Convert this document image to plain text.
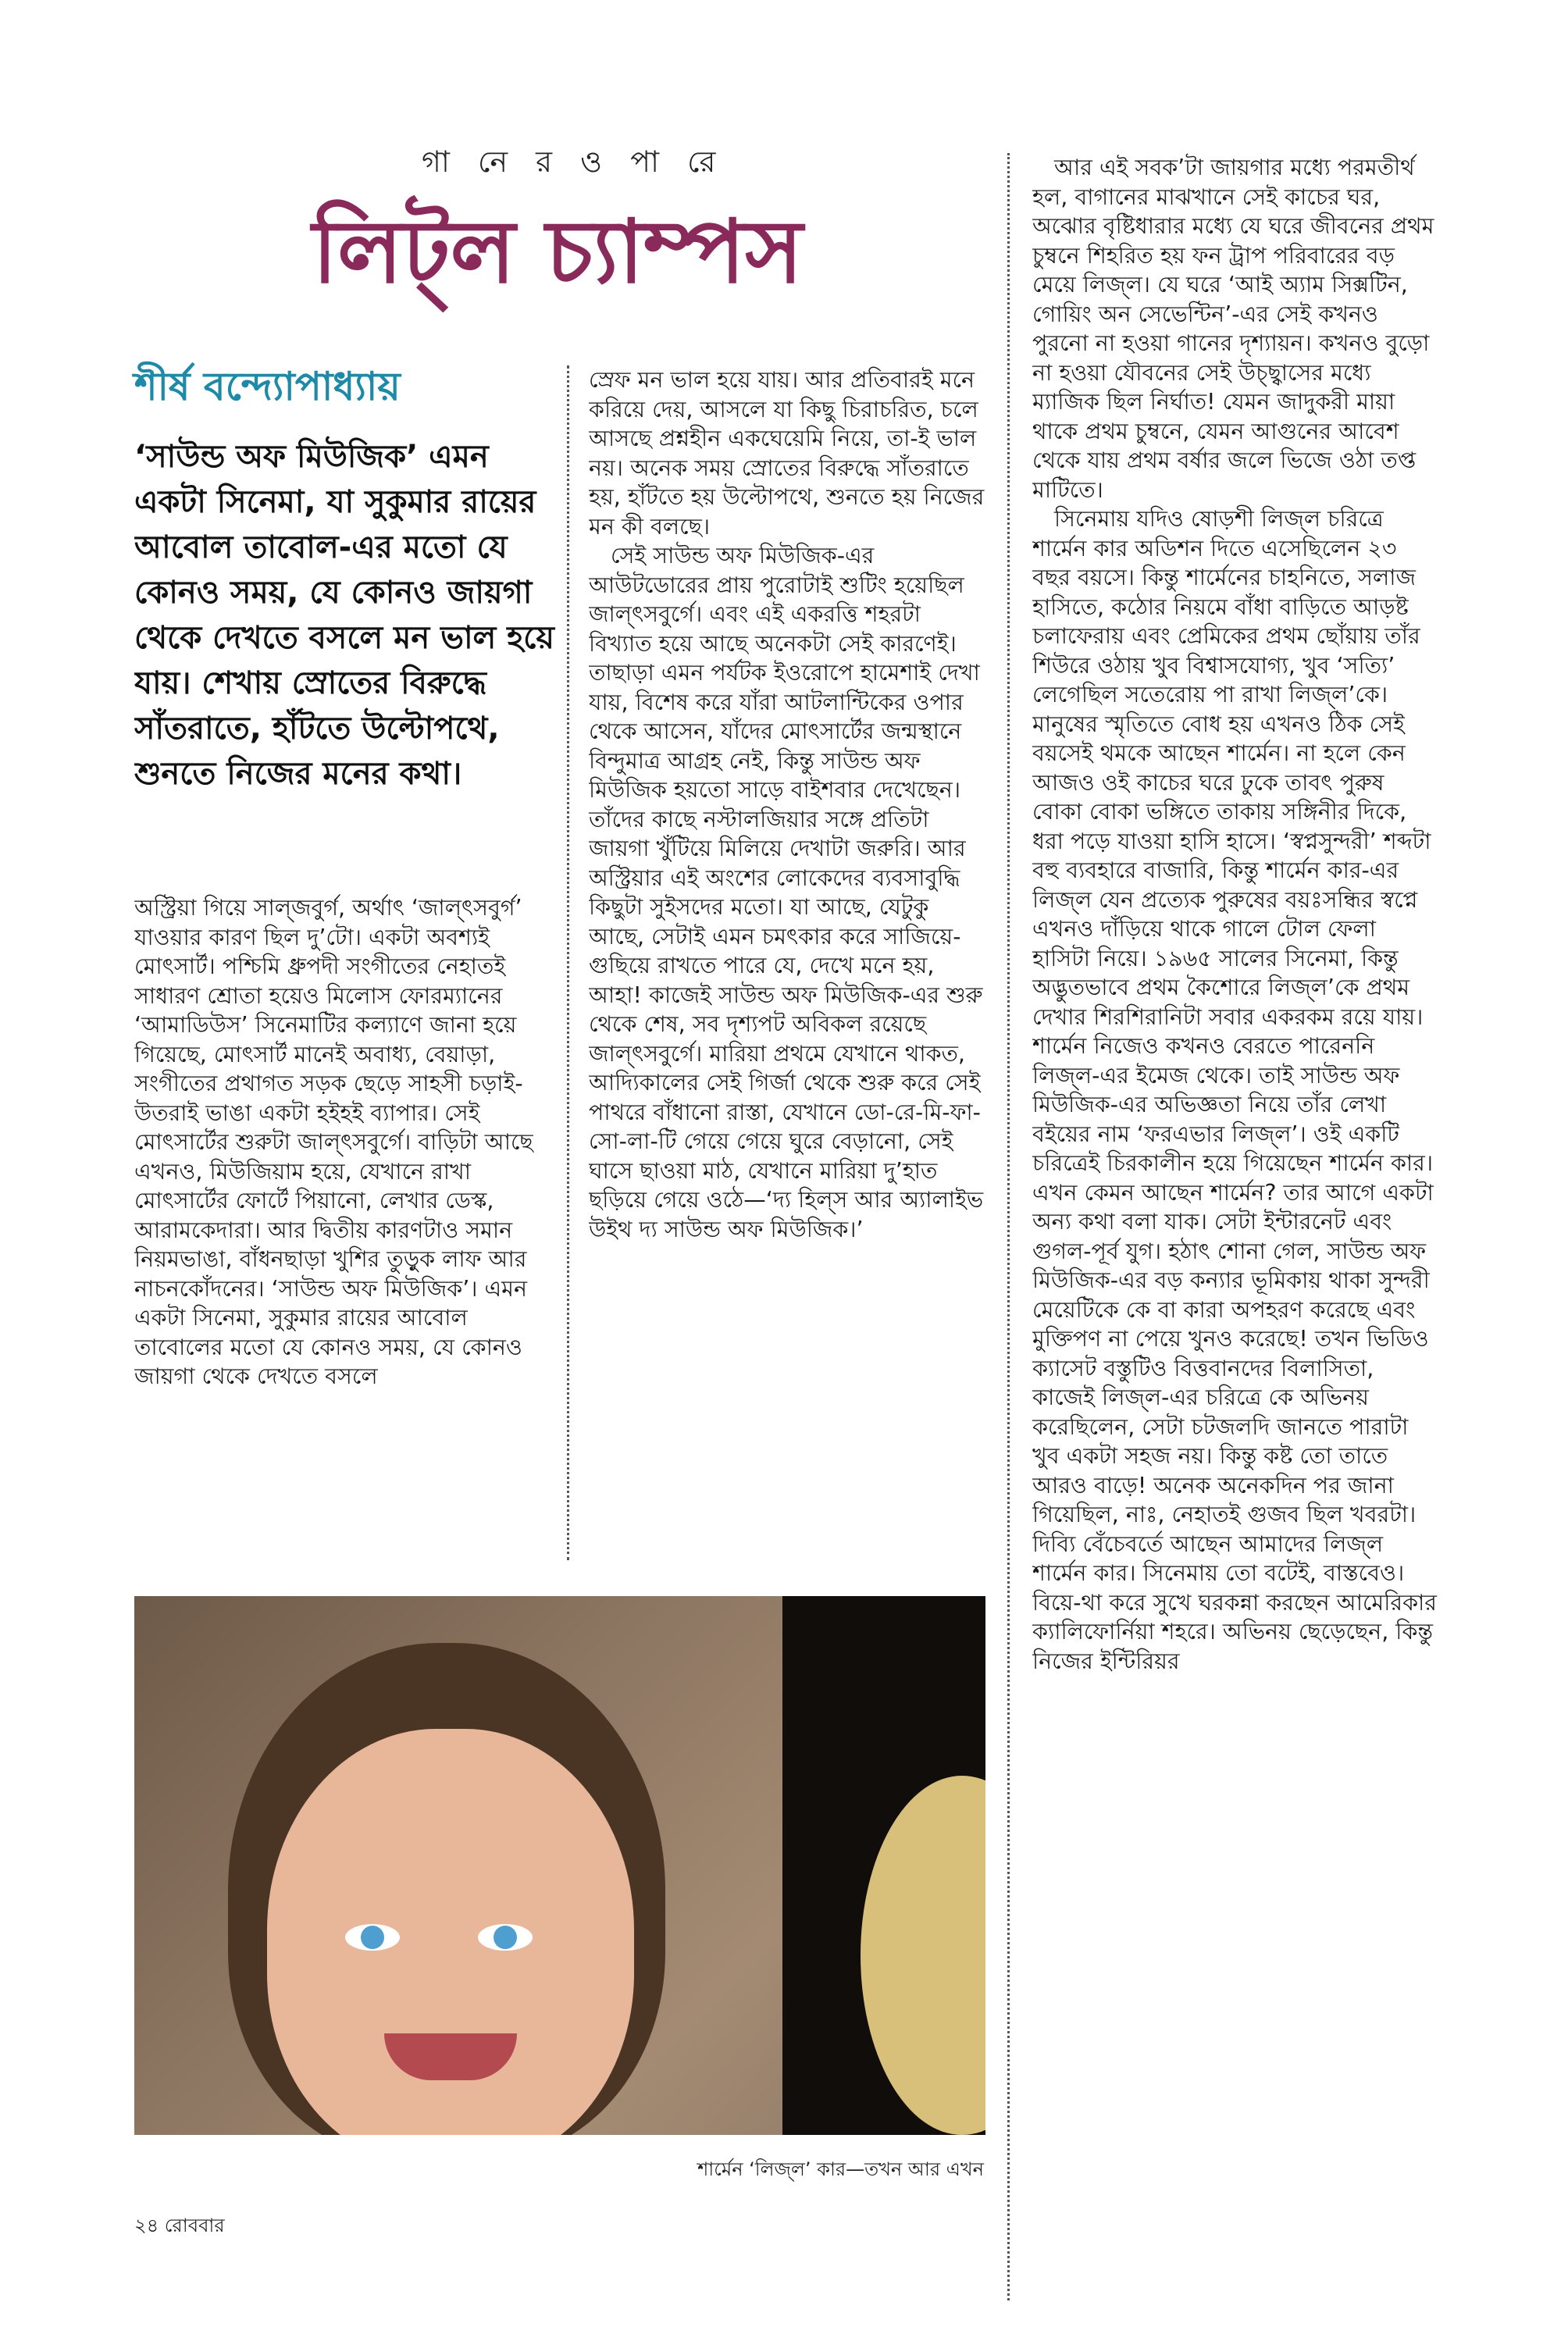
গা নে র ও পা রে
লিট্‌ল চ্যাম্পস
শীর্ষ বন্দ্যোপাধ্যায়
‘সাউন্ড অফ মিউজিক’ এমন একটা সিনেমা, যা সুকুমার রায়ের আবোল তাবোল-এর মতো যে কোনও সময়, যে কোনও জায়গা থেকে দেখতে বসলে মন ভাল হয়ে যায়। শেখায় স্রোতের বিরুদ্ধে সাঁতরাতে, হাঁটতে উল্টোপথে, শুনতে নিজের মনের কথা।

অস্ট্রিয়া গিয়ে সাল্‌জবুর্গ, অর্থাৎ ‘জাল্‌ৎসবুর্গ’ যাওয়ার কারণ ছিল দু’টো। একটা অবশ্যই মোৎসার্ট। পশ্চিমি ধ্রুপদী সংগীতের নেহাতই সাধারণ শ্রোতা হয়েও মিলোস ফোরম্যানের ‘আমাডিউস’ সিনেমাটির কল্যাণে জানা হয়ে গিয়েছে, মোৎসার্ট মানেই অবাধ্য, বেয়াড়া, সংগীতের প্রথাগত সড়ক ছেড়ে সাহসী চড়াই-উতরাই ভাঙা একটা হইহই ব্যাপার। সেই মোৎসার্টের শুরুটা জাল্‌ৎসবুর্গে। বাড়িটা আছে এখনও, মিউজিয়াম হয়ে, যেখানে রাখা মোৎসার্টের ফোর্টে পিয়ানো, লেখার ডেস্ক, আরামকেদারা। আর দ্বিতীয় কারণটাও সমান নিয়মভাঙা, বাঁধনছাড়া খুশির তুড়ুক লাফ আর নাচনকোঁদনের। ‘সাউন্ড অফ মিউজিক’। এমন একটা সিনেমা, সুকুমার রায়ের আবোল তাবোলের মতো যে কোনও সময়, যে কোনও জায়গা থেকে দেখতে বসলে

স্রেফ মন ভাল হয়ে যায়। আর প্রতিবারই মনে করিয়ে দেয়, আসলে যা কিছু চিরাচরিত, চলে আসছে প্রশ্নহীন একঘেয়েমি নিয়ে, তা-ই ভাল নয়। অনেক সময় স্রোতের বিরুদ্ধে সাঁতরাতে হয়, হাঁটতে হয় উল্টোপথে, শুনতে হয় নিজের মন কী বলছে।

সেই সাউন্ড অফ মিউজিক-এর আউটডোরের প্রায় পুরোটাই শুটিং হয়েছিল জাল্‌ৎসবুর্গে। এবং এই একরত্তি শহরটা বিখ্যাত হয়ে আছে অনেকটা সেই কারণেই। তাছাড়া এমন পর্যটক ইওরোপে হামেশাই দেখা যায়, বিশেষ করে যাঁরা আটলান্টিকের ওপার থেকে আসেন, যাঁদের মোৎসার্টের জন্মস্থানে বিন্দুমাত্র আগ্রহ নেই, কিন্তু সাউন্ড অফ মিউজিক হয়তো সাড়ে বাইশবার দেখেছেন। তাঁদের কাছে নস্টালজিয়ার সঙ্গে প্রতিটা জায়গা খুঁটিয়ে মিলিয়ে দেখাটা জরুরি। আর অস্ট্রিয়ার এই অংশের লোকেদের ব্যবসাবুদ্ধি কিছুটা সুইসদের মতো। যা আছে, যেটুকু আছে, সেটাই এমন চমৎকার করে সাজিয়ে-গুছিয়ে রাখতে পারে যে, দেখে মনে হয়, আহা! কাজেই সাউন্ড অফ মিউজিক-এর শুরু থেকে শেষ, সব দৃশ্যপট অবিকল রয়েছে জাল্‌ৎসবুর্গে। মারিয়া প্রথমে যেখানে থাকত, আদ্যিকালের সেই গির্জা থেকে শুরু করে সেই পাথরে বাঁধানো রাস্তা, যেখানে ডো-রে-মি-ফা-সো-লা-টি গেয়ে গেয়ে ঘুরে বেড়ানো, সেই ঘাসে ছাওয়া মাঠ, যেখানে মারিয়া দু’হাত ছড়িয়ে গেয়ে ওঠে—‘দ্য হিল্‌স আর অ্যালাইভ উইথ দ্য সাউন্ড অফ মিউজিক।’

আর এই সবক’টা জায়গার মধ্যে পরমতীর্থ হল, বাগানের মাঝখানে সেই কাচের ঘর, অঝোর বৃষ্টিধারার মধ্যে যে ঘরে জীবনের প্রথম চুম্বনে শিহরিত হয় ফন ট্রাপ পরিবারের বড় মেয়ে লিজ্‌ল। যে ঘরে ‘আই অ্যাম সিক্সটিন, গোয়িং অন সেভেন্টিন’-এর সেই কখনও পুরনো না হওয়া গানের দৃশ্যায়ন। কখনও বুড়ো না হওয়া যৌবনের সেই উচ্ছ্বাসের মধ্যে ম্যাজিক ছিল নির্ঘাত! যেমন জাদুকরী মায়া থাকে প্রথম চুম্বনে, যেমন আগুনের আবেশ থেকে যায় প্রথম বর্ষার জলে ভিজে ওঠা তপ্ত মাটিতে।

সিনেমায় যদিও ষোড়শী লিজ্‌ল চরিত্রে শার্মেন কার অডিশন দিতে এসেছিলেন ২৩ বছর বয়সে। কিন্তু শার্মেনের চাহনিতে, সলাজ হাসিতে, কঠোর নিয়মে বাঁধা বাড়িতে আড়ষ্ট চলাফেরায় এবং প্রেমিকের প্রথম ছোঁয়ায় তাঁর শিউরে ওঠায় খুব বিশ্বাসযোগ্য, খুব ‘সত্যি’ লেগেছিল সতেরোয় পা রাখা লিজ্‌ল’কে। মানুষের স্মৃতিতে বোধ হয় এখনও ঠিক সেই বয়সেই থমকে আছেন শার্মেন। না হলে কেন আজও ওই কাচের ঘরে ঢুকে তাবৎ পুরুষ বোকা বোকা ভঙ্গিতে তাকায় সঙ্গিনীর দিকে, ধরা পড়ে যাওয়া হাসি হাসে। ‘স্বপ্নসুন্দরী’ শব্দটা বহু ব্যবহারে বাজারি, কিন্তু শার্মেন কার-এর লিজ্‌ল যেন প্রত্যেক পুরুষের বয়ঃসন্ধির স্বপ্নে এখনও দাঁড়িয়ে থাকে গালে টোল ফেলা হাসিটা নিয়ে। ১৯৬৫ সালের সিনেমা, কিন্তু অদ্ভুতভাবে প্রথম কৈশোরে লিজ্‌ল’কে প্রথম দেখার শিরশিরানিটা সবার একরকম রয়ে যায়। শার্মেন নিজেও কখনও বেরতে পারেননি লিজ্‌ল-এর ইমেজ থেকে। তাই সাউন্ড অফ মিউজিক-এর অভিজ্ঞতা নিয়ে তাঁর লেখা বইয়ের নাম ‘ফরএভার লিজ্‌ল’। ওই একটি চরিত্রেই চিরকালীন হয়ে গিয়েছেন শার্মেন কার। এখন কেমন আছেন শার্মেন? তার আগে একটা অন্য কথা বলা যাক। সেটা ইন্টারনেট এবং গুগল-পূর্ব যুগ। হঠাৎ শোনা গেল, সাউন্ড অফ মিউজিক-এর বড় কন্যার ভূমিকায় থাকা সুন্দরী মেয়েটিকে কে বা কারা অপহরণ করেছে এবং মুক্তিপণ না পেয়ে খুনও করেছে! তখন ভিডিও ক্যাসেট বস্তুটিও বিত্তবানদের বিলাসিতা, কাজেই লিজ্‌ল-এর চরিত্রে কে অভিনয় করেছিলেন, সেটা চটজলদি জানতে পারাটা খুব একটা সহজ নয়। কিন্তু কষ্ট তো তাতে আরও বাড়ে! অনেক অনেকদিন পর জানা গিয়েছিল, নাঃ, নেহাতই গুজব ছিল খবরটা। দিব্যি বেঁচেবর্তে আছেন আমাদের লিজ্‌ল শার্মেন কার। সিনেমায় তো বটেই, বাস্তবেও। বিয়ে-থা করে সুখে ঘরকন্না করছেন আমেরিকার ক্যালিফোর্নিয়া শহরে। অভিনয় ছেড়েছেন, কিন্তু নিজের ইন্টিরিয়র

শার্মেন ‘লিজ্‌ল’ কার—তখন আর এখন
২৪ রোববার
